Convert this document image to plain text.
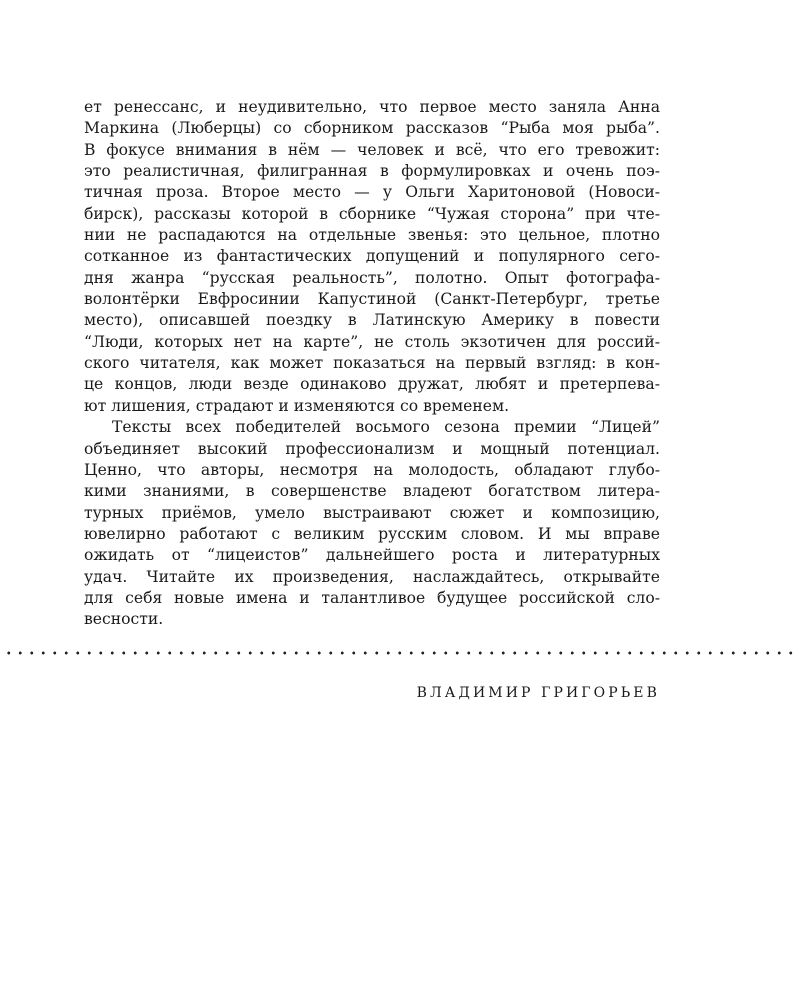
ет ренессанс, и неудивительно, что первое место заняла Анна
Маркина (Люберцы) со сборником рассказов “Рыба моя рыба”.
В фокусе внимания в нём — человек и всё, что его тревожит:
это реалистичная, филигранная в формулировках и очень поэ-
тичная проза. Второе место — у Ольги Харитоновой (Новоси-
бирск), рассказы которой в сборнике “Чужая сторона” при чте-
нии не распадаются на отдельные звенья: это цельное, плотно
сотканное из фантастических допущений и популярного сего-
дня жанра “русская реальность”, полотно. Опыт фотографа-
волонтёрки Евфросинии Капустиной (Санкт-Петербург, третье
место), описавшей поездку в Латинскую Америку в повести
“Люди, которых нет на карте”, не столь экзотичен для россий-
ского читателя, как может показаться на первый взгляд: в кон-
це концов, люди везде одинаково дружат, любят и претерпева-
ют лишения, страдают и изменяются со временем.
Тексты всех победителей восьмого сезона премии “Лицей”
объединяет высокий профессионализм и мощный потенциал.
Ценно, что авторы, несмотря на молодость, обладают глубо-
кими знаниями, в совершенстве владеют богатством литера-
турных приёмов, умело выстраивают сюжет и композицию,
ювелирно работают с великим русским словом. И мы вправе
ожидать от “лицеистов” дальнейшего роста и литературных
удач. Читайте их произведения, наслаждайтесь, открывайте
для себя новые имена и талантливое будущее российской сло-
весности.
ВЛАДИМИР ГРИГОРЬЕВ
